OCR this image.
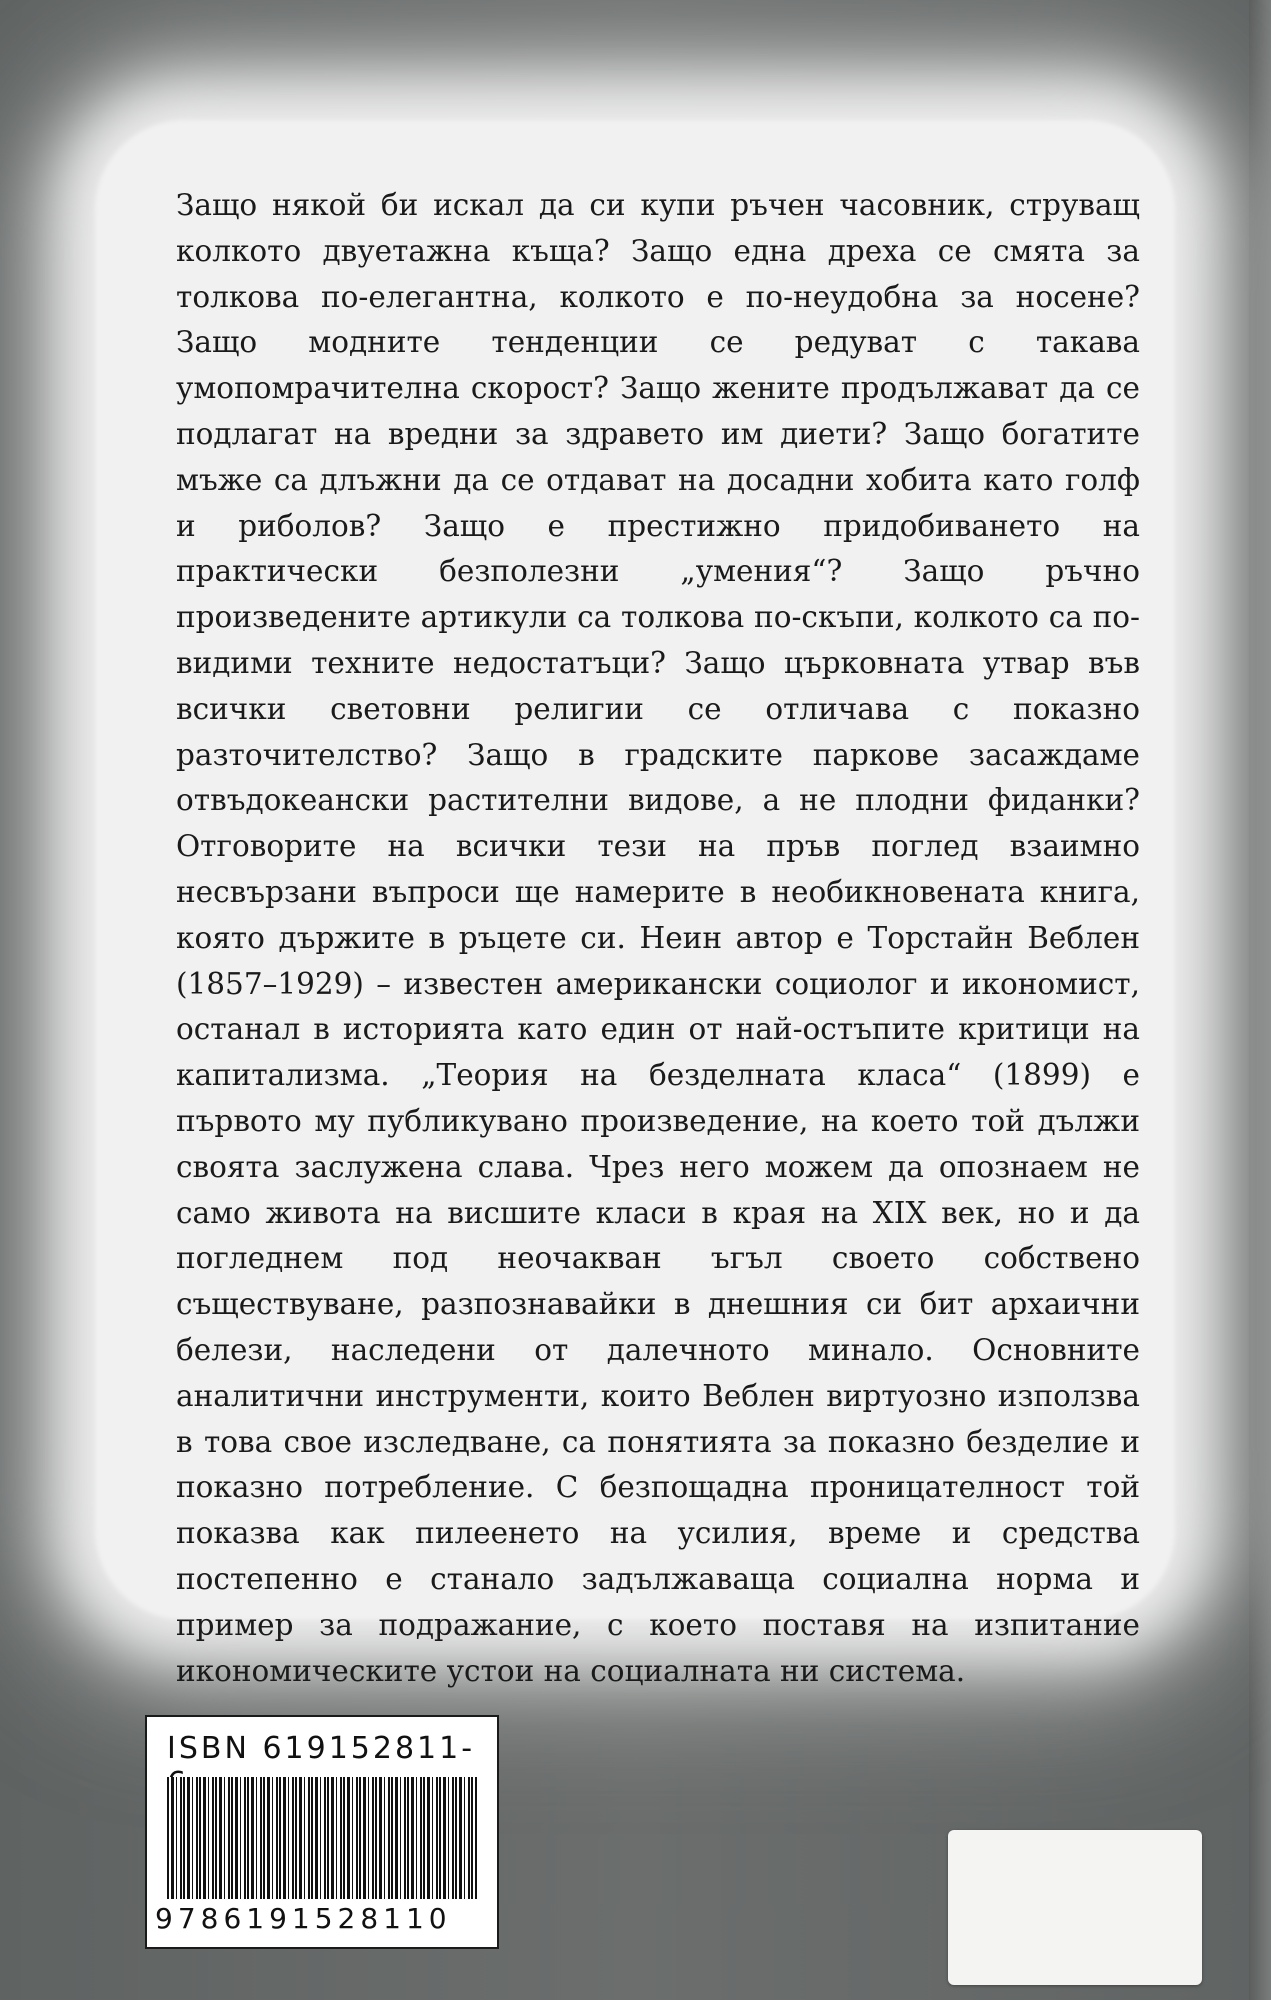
Защо някой би искал да си купи ръчен часовник, струващ колкото двуетажна къща? Защо една дреха се смята за толкова по-елегантна, колкото е по-неудобна за носене? Защо модните тенденции се редуват с такава умопомрачителна скорост? Защо жените продължават да се подлагат на вредни за здравето им диети? Защо богатите мъже са длъжни да се отдават на досадни хобита като голф и риболов? Защо е престижно придобиването на практически безполезни „умения“? Защо ръчно произведените артикули са толкова по-скъпи, колкото са по-видими техните недостатъци? Защо църковната утвар във всички световни религии се отличава с показно разточителство? Защо в градските паркове засаждаме отвъдокеански растителни видове, а не плодни фиданки? Отговорите на всички тези на пръв поглед взаимно несвързани въпроси ще намерите в необикновената книга, която държите в ръцете си. Неин автор е Торстайн Веблен (1857–1929) – известен американски социолог и икономист, останал в историята като един от най-остъпите критици на капитализма. „Теория на безделната класа“ (1899) е първото му публикувано произведение, на което той дължи своята заслужена слава. Чрез него можем да опознаем не само живота на висшите класи в края на XIX век, но и да погледнем под неочакван ъгъл своето собствено съществуване, разпознавайки в днешния си бит архаични белези, наследени от далечното минало. Основните аналитични инструменти, които Веблен виртуозно използва в това свое изследване, са понятията за показно безделие и показно потребление. С безпощадна проницателност той показва как пилеенето на усилия, време и средства постепенно е станало задължаваща социална норма и пример за подражание, с което поставя на изпитание икономическите устои на социалната ни система.

ISBN 619152811-
9786191528110
